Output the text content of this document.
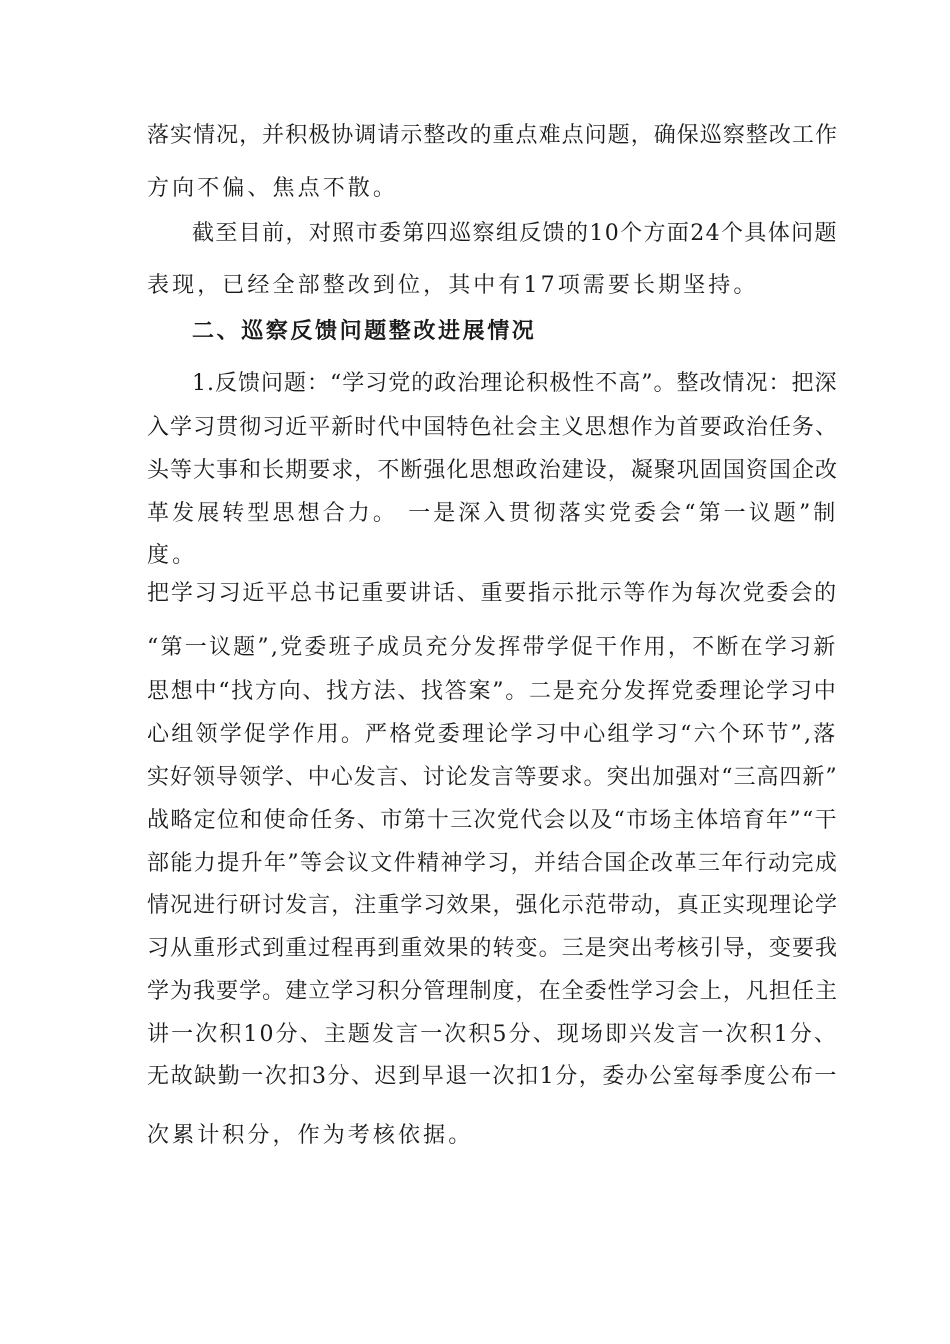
落实情况，并积极协调请示整改的重点难点问题，确保巡察整改工作
方向不偏、焦点不散。
截至目前，对照市委第四巡察组反馈的10个方面24个具体问题
表现，已经全部整改到位，其中有17项需要长期坚持。
二、巡察反馈问题整改进展情况
1.反馈问题：“学习党的政治理论积极性不高”。整改情况：把深
入学习贯彻习近平新时代中国特色社会主义思想作为首要政治任务、
头等大事和长期要求，不断强化思想政治建设，凝聚巩固国资国企改
革发展转型思想合力。 一是深入贯彻落实党委会“第一议题”制
度。
把学习习近平总书记重要讲话、重要指示批示等作为每次党委会的
“第一议题”,党委班子成员充分发挥带学促干作用，不断在学习新
思想中“找方向、找方法、找答案”。二是充分发挥党委理论学习中
心组领学促学作用。严格党委理论学习中心组学习“六个环节”,落
实好领导领学、中心发言、讨论发言等要求。突出加强对“三高四新”
战略定位和使命任务、市第十三次党代会以及“市场主体培育年”“干
部能力提升年”等会议文件精神学习，并结合国企改革三年行动完成
情况进行研讨发言，注重学习效果，强化示范带动，真正实现理论学
习从重形式到重过程再到重效果的转变。三是突出考核引导，变要我
学为我要学。建立学习积分管理制度，在全委性学习会上，凡担任主
讲一次积10分、主题发言一次积5分、现场即兴发言一次积1分、
无故缺勤一次扣3分、迟到早退一次扣1分，委办公室每季度公布一
次累计积分，作为考核依据。
